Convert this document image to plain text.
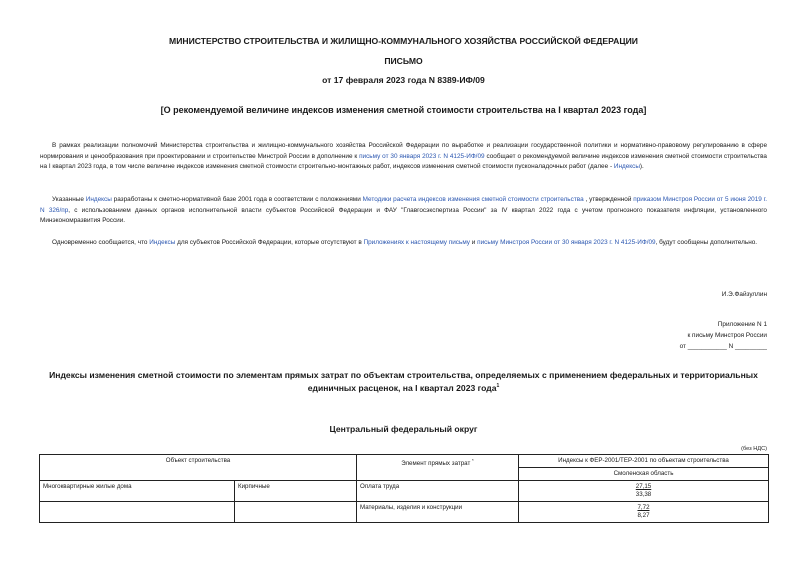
МИНИСТЕРСТВО СТРОИТЕЛЬСТВА И ЖИЛИЩНО-КОММУНАЛЬНОГО ХОЗЯЙСТВА РОССИЙСКОЙ ФЕДЕРАЦИИ
ПИСЬМО
от 17 февраля 2023 года N 8389-ИФ/09
[О рекомендуемой величине индексов изменения сметной стоимости строительства на I квартал 2023 года]
В рамках реализации полномочий Министерства строительства и жилищно-коммунального хозяйства Российской Федерации по выработке и реализации государственной политики и нормативно-правовому регулированию в сфере нормирования и ценообразования при проектировании и строительстве Минстрой России в дополнение к письму от 30 января 2023 г. N 4125-ИФ/09 сообщает о рекомендуемой величине индексов изменения сметной стоимости строительства на I квартал 2023 года, в том числе величине индексов изменения сметной стоимости строительно-монтажных работ, индексов изменения сметной стоимости пусконаладочных работ (далее - Индексы).
Указанные Индексы разработаны к сметно-нормативной базе 2001 года в соответствии с положениями Методики расчета индексов изменения сметной стоимости строительства , утвержденной приказом Минстроя России от 5 июня 2019 г. N 326/пр, с использованием данных органов исполнительной власти субъектов Российской Федерации и ФАУ "Главгосэкспертиза России" за IV квартал 2022 года с учетом прогнозного показателя инфляции, установленного Минэкономразвития России.
Одновременно сообщается, что Индексы для субъектов Российской Федерации, которые отсутствуют в Приложениях к настоящему письму и письму Минстроя России от 30 января 2023 г. N 4125-ИФ/09, будут сообщены дополнительно.
И.Э.Файзуллин
Приложение N 1
к письму Минстроя России
от ___________ N _________
Индексы изменения сметной стоимости по элементам прямых затрат по объектам строительства, определяемых с применением федеральных и территориальных единичных расценок, на I квартал 2023 года$^1$
Центральный федеральный округ
(без НДС)
Объект строительства		Элемент прямых затрат *	Индексы к ФЕР-2001/ТЕР-2001 по объектам строительства
			Смоленская область
Многоквартирные жилые дома	Кирпичные	Оплата труда	27,15
33,38

		Материалы, изделия и конструкции	7,72
8,27
